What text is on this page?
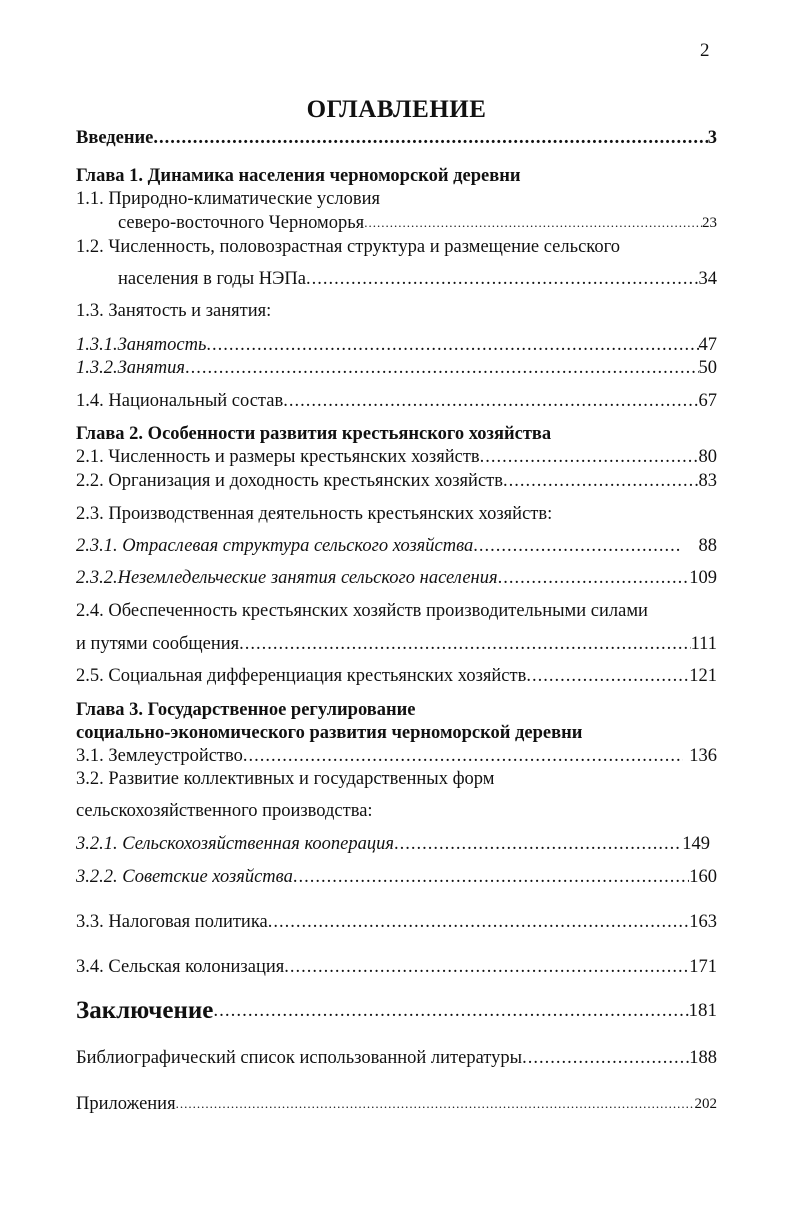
2
ОГЛАВЛЕНИЕ
Введение .....	3
Глава 1. Динамика населения черноморской деревни
1.1. Природно-климатические условия
северо-восточного Черноморья .....	23
1.2. Численность, половозрастная структура и размещение сельского
населения в годы НЭПа .....	34
1.3. Занятость и занятия:
1.3.1.Занятость .....	47
1.3.2.Занятия .....	50
1.4. Национальный состав .....	67
Глава 2. Особенности развития крестьянского хозяйства
2.1. Численность и размеры крестьянских хозяйств .....	80
2.2. Организация и доходность крестьянских хозяйств .....	83
2.3. Производственная деятельность крестьянских хозяйств:
2.3.1. Отраслевая структура сельского хозяйства .....	88
2.3.2.Неземледельческие занятия сельского населения .....	109
2.4. Обеспеченность крестьянских хозяйств производительными силами
и путями сообщения .....	111
2.5. Социальная дифференциация крестьянских хозяйств .....	121
Глава 3. Государственное регулирование
социально-экономического развития черноморской деревни
3.1. Землеустройство .....	136
3.2. Развитие коллективных и государственных форм
сельскохозяйственного производства:
3.2.1. Сельскохозяйственная кооперация .....	149
3.2.2. Советские хозяйства .....	160
3.3. Налоговая политика .....	163
3.4. Сельская колонизация .....	171
Заключение .....	181
Библиографический список использованной литературы .....	188
Приложения .....	202
